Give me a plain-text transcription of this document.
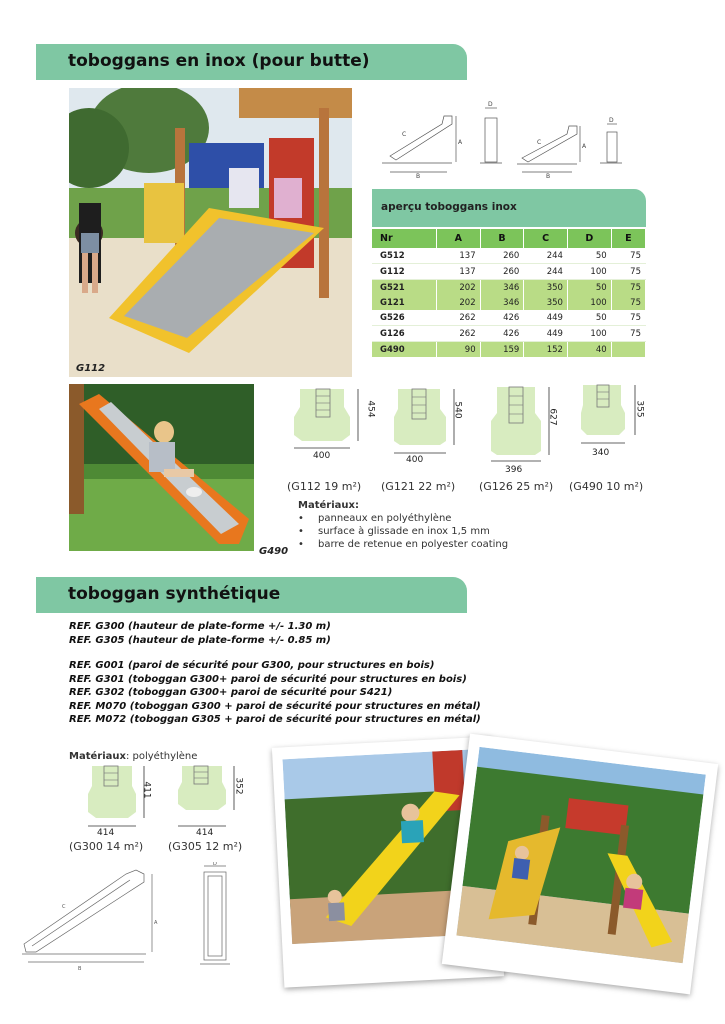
toboggans en inox (pour butte)
G112
C
B
A
D
C
B
A
D
aperçu toboggans inox
Nr	A	B	C	D	E
G512	137	260	244	50	75
G112	137	260	244	100	75
G521	202	346	350	50	75
G121	202	346	350	100	75
G526	262	426	449	50	75
G126	262	426	449	100	75
G490	90	159	152	40	
G490
400
454
400
540
396
627
340
355
(G112 19 m²) (G121 22 m²) (G126 25 m²) (G490 10 m²)
Matériaux:
• panneaux en polyéthylène
• surface à glissade en inox 1,5 mm
• barre de retenue en polyester coating
toboggan synthétique
REF. G300 (hauteur de plate-forme +/- 1.30 m)
REF. G305 (hauteur de plate-forme +/- 0.85 m)
REF. G001 (paroi de sécurité pour G300, pour structures en bois)
REF. G301 (toboggan G300+ paroi de sécurité pour structures en bois)
REF. G302 (toboggan G300+ paroi de sécurité pour S421)
REF. M070 (toboggan G300 + paroi de sécurité pour structures en métal)
REF. M072 (toboggan G305 + paroi de sécurité pour structures en métal)
Matériaux: polyéthylène
414
411
414
352
(G300 14 m²) (G305 12 m²)
C
B
A
D
